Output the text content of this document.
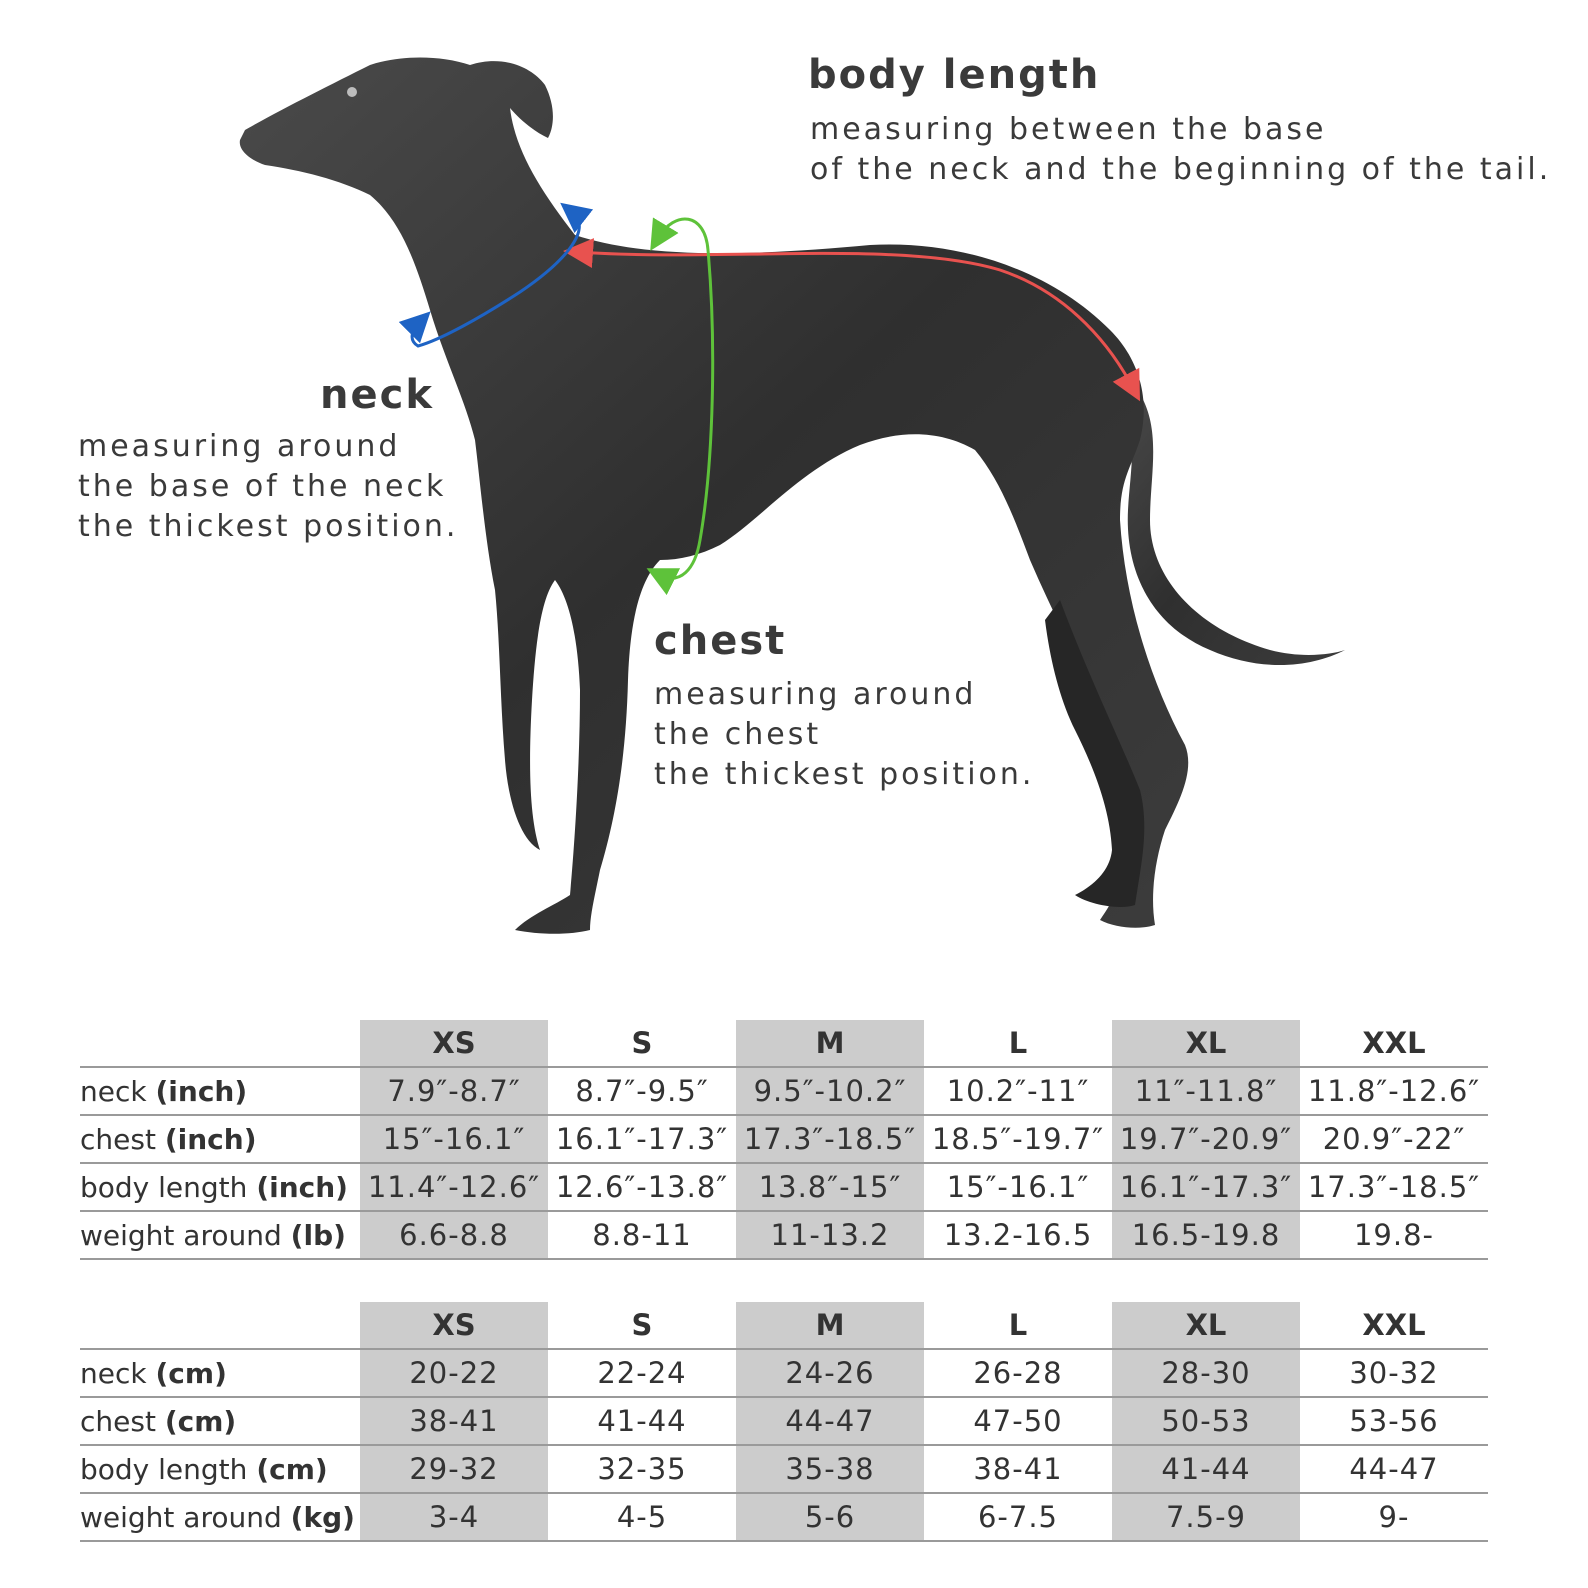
body length
measuring between the base
of the neck and the beginning of the tail.
neck
measuring around
the base of the neck
the thickest position.
chest
measuring around
the chest
the thickest position.
	XS	S	M	L	XL	XXL
neck (inch)	7.9″-8.7″	8.7″-9.5″	9.5″-10.2″	10.2″-11″	11″-11.8″	11.8″-12.6″
chest (inch)	15″-16.1″	16.1″-17.3″	17.3″-18.5″	18.5″-19.7″	19.7″-20.9″	20.9″-22″
body length (inch)	11.4″-12.6″	12.6″-13.8″	13.8″-15″	15″-16.1″	16.1″-17.3″	17.3″-18.5″
weight around (lb)	6.6-8.8	8.8-11	11-13.2	13.2-16.5	16.5-19.8	19.8-
	XS	S	M	L	XL	XXL
neck (cm)	20-22	22-24	24-26	26-28	28-30	30-32
chest (cm)	38-41	41-44	44-47	47-50	50-53	53-56
body length (cm)	29-32	32-35	35-38	38-41	41-44	44-47
weight around (kg)	3-4	4-5	5-6	6-7.5	7.5-9	9-
